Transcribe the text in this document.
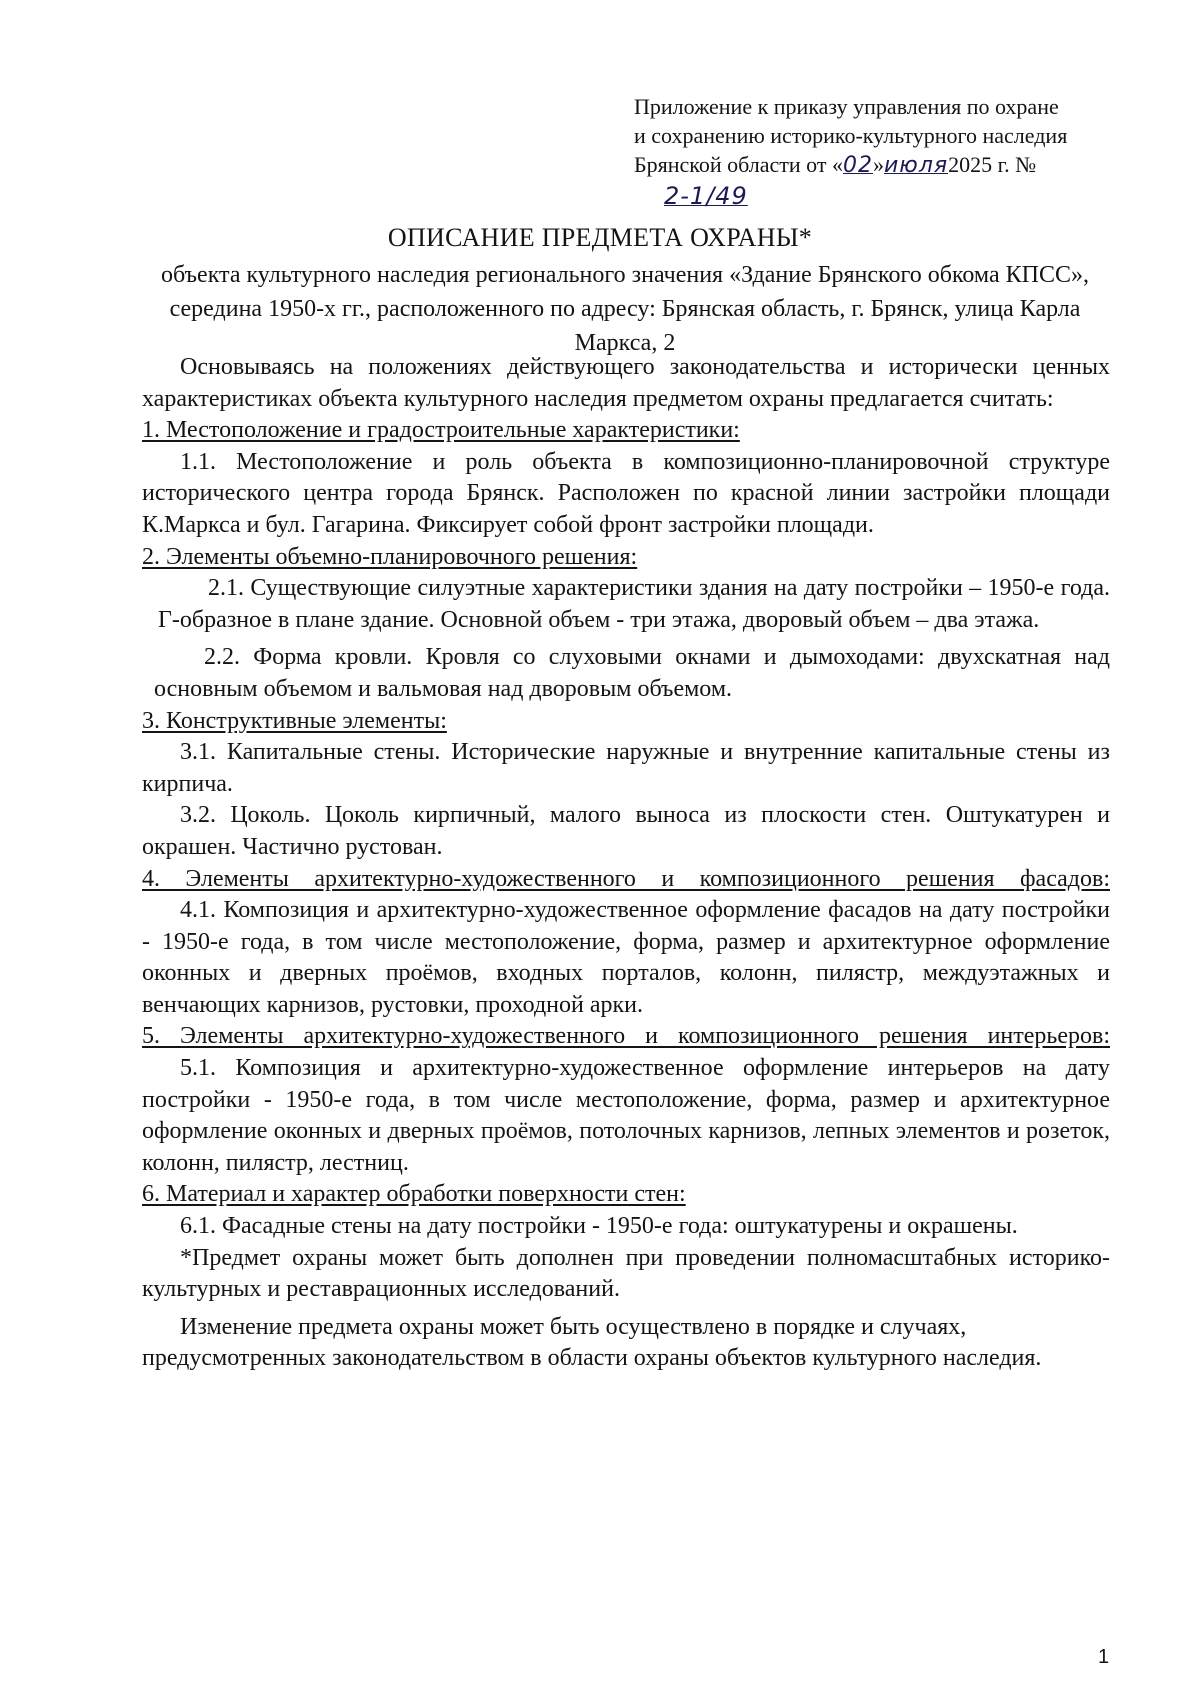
Приложение к приказу управления по охране
и сохранению историко-культурного наследия
Брянской области от «02»июля2025 г. №
2-1/49
ОПИСАНИЕ ПРЕДМЕТА ОХРАНЫ*
объекта культурного наследия регионального значения «Здание Брянского обкома КПСС», середина 1950-х гг., расположенного по адресу: Брянская область, г. Брянск, улица Карла Маркса, 2

Основываясь на положениях действующего законодательства и исторически ценных характеристиках объекта культурного наследия предметом охраны предлагается считать:

1. Местоположение и градостроительные характеристики:

1.1. Местоположение и роль объекта в композиционно-планировочной структуре исторического центра города Брянск. Расположен по красной линии застройки площади К.Маркса и бул. Гагарина. Фиксирует собой фронт застройки площади.

2. Элементы объемно-планировочного решения:

2.1. Существующие силуэтные характеристики здания на дату постройки – 1950-е года. Г-образное в плане здание. Основной объем - три этажа, дворовый объем – два этажа.

2.2. Форма кровли. Кровля со слуховыми окнами и дымоходами: двухскатная над основным объемом и вальмовая над дворовым объемом.

3. Конструктивные элементы:

3.1. Капитальные стены. Исторические наружные и внутренние капитальные стены из кирпича.

3.2. Цоколь. Цоколь кирпичный, малого выноса из плоскости стен. Оштукатурен и окрашен. Частично рустован.

4. Элементы архитектурно-художественного и композиционного решения фасадов:

4.1. Композиция и архитектурно-художественное оформление фасадов на дату постройки - 1950-е года, в том числе местоположение, форма, размер и архитектурное оформление оконных и дверных проёмов, входных порталов, колонн, пилястр, междуэтажных и венчающих карнизов, рустовки, проходной арки.

5. Элементы архитектурно-художественного и композиционного решения интерьеров:

5.1. Композиция и архитектурно-художественное оформление интерьеров на дату постройки - 1950-е года, в том числе местоположение, форма, размер и архитектурное оформление оконных и дверных проёмов, потолочных карнизов, лепных элементов и розеток, колонн, пилястр, лестниц.

6. Материал и характер обработки поверхности стен:

6.1. Фасадные стены на дату постройки - 1950-е года: оштукатурены и окрашены.

*Предмет охраны может быть дополнен при проведении полномасштабных историко-культурных и реставрационных исследований.

Изменение предмета охраны может быть осуществлено в порядке и случаях, предусмотренных законодательством в области охраны объектов культурного наследия.

1
